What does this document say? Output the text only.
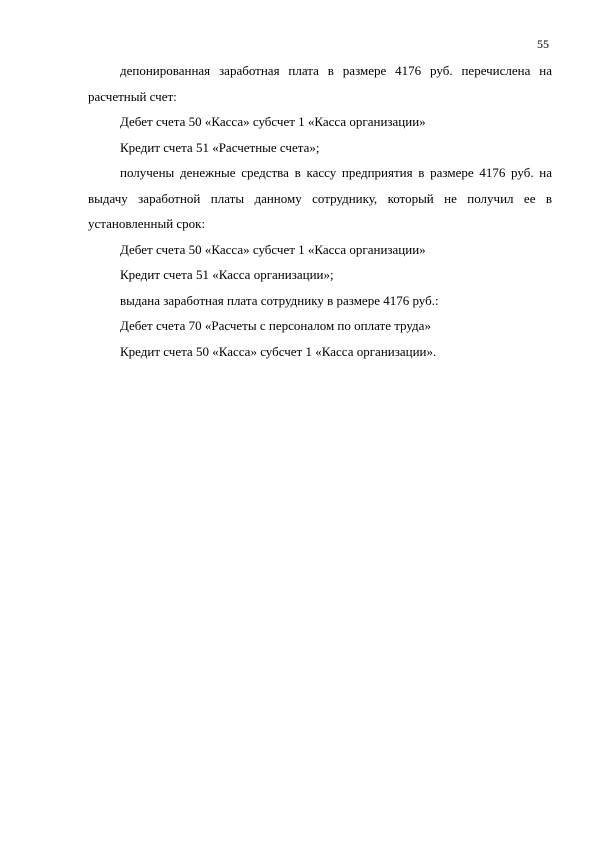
55

депонированная заработная плата в размере 4176 руб. перечислена на расчетный счет:

Дебет счета 50 «Касса» субсчет 1 «Касса организации»

Кредит счета 51 «Расчетные счета»;

получены денежные средства в кассу предприятия в размере 4176 руб. на выдачу заработной платы данному сотруднику, который не получил ее в установленный срок:

Дебет счета 50 «Касса» субсчет 1 «Касса организации»

Кредит счета 51 «Касса организации»;

выдана заработная плата сотруднику в размере 4176 руб.:

Дебет счета 70 «Расчеты с персоналом по оплате труда»

Кредит счета 50 «Касса» субсчет 1 «Касса организации».
